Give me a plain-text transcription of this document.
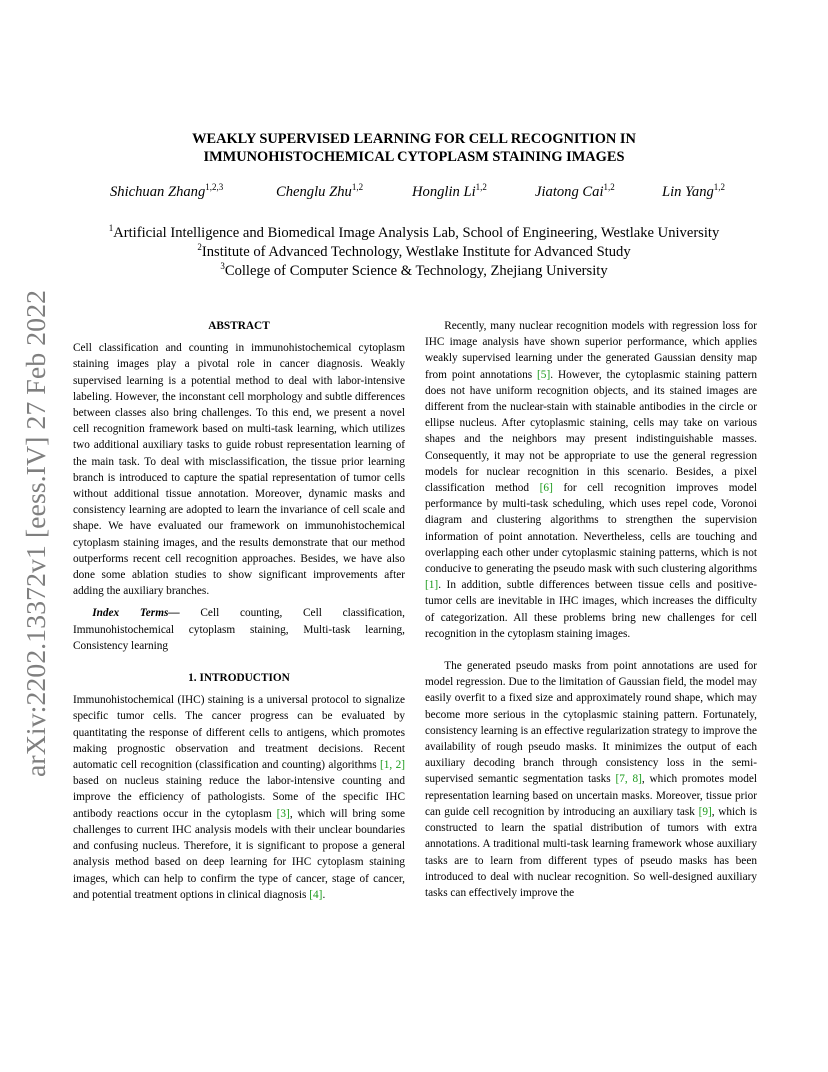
arXiv:2202.13372v1 [eess.IV] 27 Feb 2022
WEAKLY SUPERVISED LEARNING FOR CELL RECOGNITION IN
IMMUNOHISTOCHEMICAL CYTOPLASM STAINING IMAGES
Shichuan Zhang$^{1,2,3}$	Chenglu Zhu$^{1,2}$	Honglin Li$^{1,2}$	Jiatong Cai$^{1,2}$	Lin Yang$^{1,2}$
$^1$Artificial Intelligence and Biomedical Image Analysis Lab, School of Engineering, Westlake University
$^2$Institute of Advanced Technology, Westlake Institute for Advanced Study
$^3$College of Computer Science & Technology, Zhejiang University
ABSTRACT

Cell classification and counting in immunohistochemical cytoplasm staining images play a pivotal role in cancer diagnosis. Weakly supervised learning is a potential method to deal with labor-intensive labeling. However, the inconstant cell morphology and subtle differences between classes also bring challenges. To this end, we present a novel cell recognition framework based on multi-task learning, which utilizes two additional auxiliary tasks to guide robust representation learning of the main task. To deal with misclassification, the tissue prior learning branch is introduced to capture the spatial representation of tumor cells without additional tissue annotation. Moreover, dynamic masks and consistency learning are adopted to learn the invariance of cell scale and shape. We have evaluated our framework on immunohistochemical cytoplasm staining images, and the results demonstrate that our method outperforms recent cell recognition approaches. Besides, we have also done some ablation studies to show significant improvements after adding the auxiliary branches.

Index Terms— Cell counting, Cell classification, Immunohistochemical cytoplasm staining, Multi-task learning, Consistency learning

1. INTRODUCTION

Immunohistochemical (IHC) staining is a universal protocol to signalize specific tumor cells. The cancer progress can be evaluated by quantitating the response of different cells to antigens, which promotes making prognostic observation and treatment decisions. Recent automatic cell recognition (classification and counting) algorithms [1, 2] based on nucleus staining reduce the labor-intensive counting and improve the efficiency of pathologists. Some of the specific IHC antibody reactions occur in the cytoplasm [3], which will bring some challenges to current IHC analysis models with their unclear boundaries and confusing nucleus. Therefore, it is significant to propose a general analysis method based on deep learning for IHC cytoplasm staining images, which can help to confirm the type of cancer, stage of cancer, and potential treatment options in clinical diagnosis [4].

Recently, many nuclear recognition models with regression loss for IHC image analysis have shown superior performance, which applies weakly supervised learning under the generated Gaussian density map from point annotations [5]. However, the cytoplasmic staining pattern does not have uniform recognition objects, and its stained images are different from the nuclear-stain with stainable antibodies in the circle or ellipse nucleus. After cytoplasmic staining, cells may take on various shapes and the neighbors may present indistinguishable masses. Consequently, it may not be appropriate to use the general regression models for nuclear recognition in this scenario. Besides, a pixel classification method [6] for cell recognition improves model performance by multi-task scheduling, which uses repel code, Voronoi diagram and clustering algorithms to strengthen the supervision information of point annotation. Nevertheless, cells are touching and overlapping each other under cytoplasmic staining patterns, which is not conducive to generating the pseudo mask with such clustering algorithms [1]. In addition, subtle differences between tissue cells and positive-tumor cells are inevitable in IHC images, which increases the difficulty of categorization. All these problems bring new challenges for cell recognition in the cytoplasm staining images.

The generated pseudo masks from point annotations are used for model regression. Due to the limitation of Gaussian field, the model may easily overfit to a fixed size and approximately round shape, which may become more serious in the cytoplasmic staining pattern. Fortunately, consistency learning is an effective regularization strategy to improve the availability of rough pseudo masks. It minimizes the output of each auxiliary decoding branch through consistency loss in the semi-supervised semantic segmentation tasks [7, 8], which promotes model representation learning based on uncertain masks. Moreover, tissue prior can guide cell recognition by introducing an auxiliary task [9], which is constructed to learn the spatial distribution of tumors with extra annotations. A traditional multi-task learning framework whose auxiliary tasks are to learn from different types of pseudo masks has been introduced to deal with nuclear recognition. So well-designed auxiliary tasks can effectively improve the
